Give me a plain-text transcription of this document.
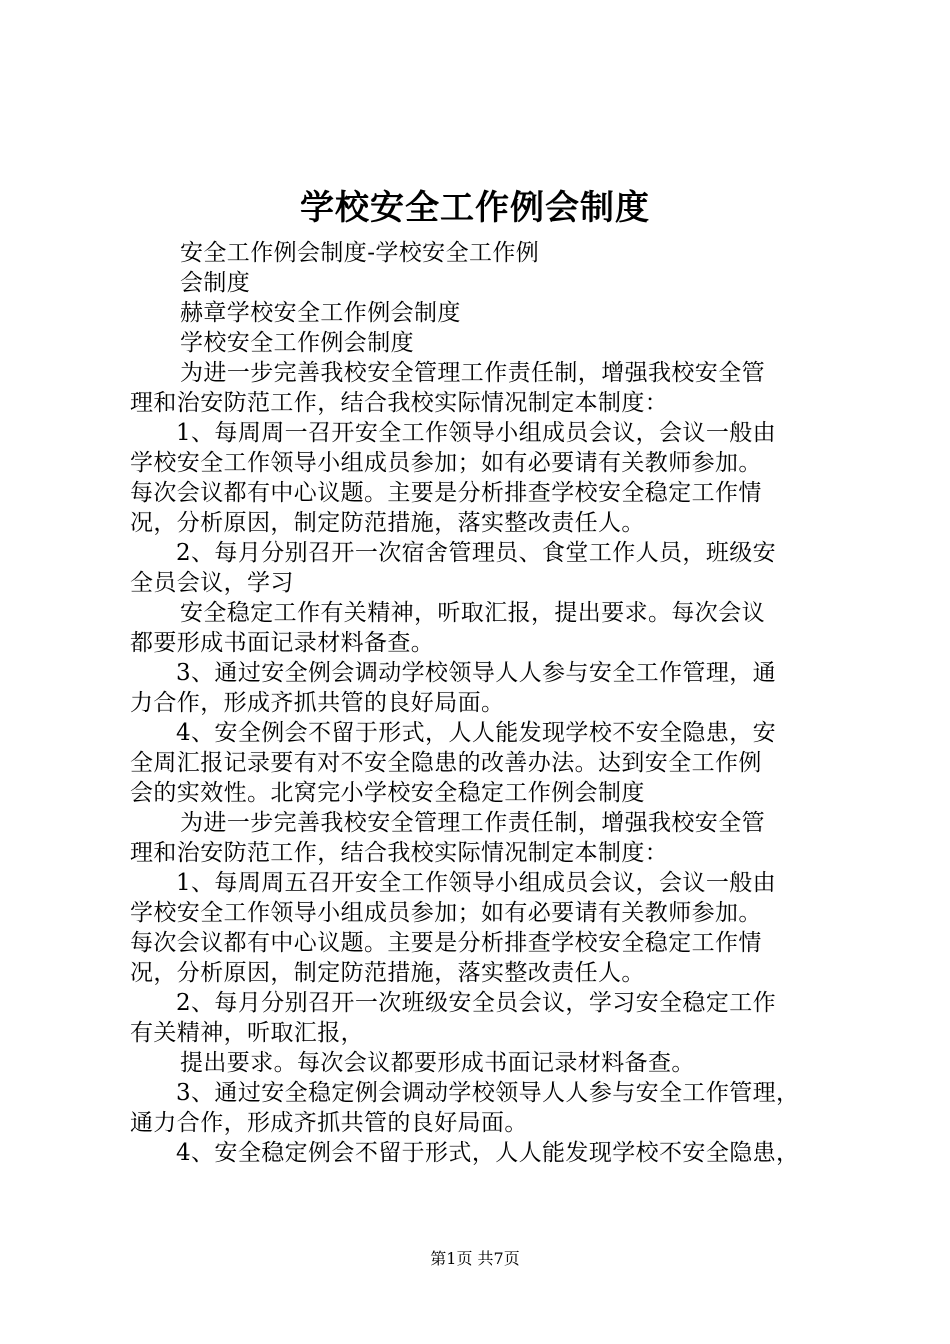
学校安全工作例会制度
安全工作例会制度-学校安全工作例
会制度
赫章学校安全工作例会制度
学校安全工作例会制度
为进一步完善我校安全管理工作责任制，增强我校安全管
理和治安防范工作，结合我校实际情况制定本制度：
1、每周周一召开安全工作领导小组成员会议，会议一般由
学校安全工作领导小组成员参加；如有必要请有关教师参加。
每次会议都有中心议题。主要是分析排查学校安全稳定工作情
况，分析原因，制定防范措施，落实整改责任人。
2、每月分别召开一次宿舍管理员、食堂工作人员，班级安
全员会议，学习
安全稳定工作有关精神，听取汇报，提出要求。每次会议
都要形成书面记录材料备查。
3、通过安全例会调动学校领导人人参与安全工作管理，通
力合作，形成齐抓共管的良好局面。
4、安全例会不留于形式，人人能发现学校不安全隐患，安
全周汇报记录要有对不安全隐患的改善办法。达到安全工作例
会的实效性。北窝完小学校安全稳定工作例会制度
为进一步完善我校安全管理工作责任制，增强我校安全管
理和治安防范工作，结合我校实际情况制定本制度：
1、每周周五召开安全工作领导小组成员会议，会议一般由
学校安全工作领导小组成员参加；如有必要请有关教师参加。
每次会议都有中心议题。主要是分析排查学校安全稳定工作情
况，分析原因，制定防范措施，落实整改责任人。
2、每月分别召开一次班级安全员会议，学习安全稳定工作
有关精神，听取汇报，
提出要求。每次会议都要形成书面记录材料备查。
3、通过安全稳定例会调动学校领导人人参与安全工作管理，
通力合作，形成齐抓共管的良好局面。
4、安全稳定例会不留于形式，人人能发现学校不安全隐患，
第1页 共7页
